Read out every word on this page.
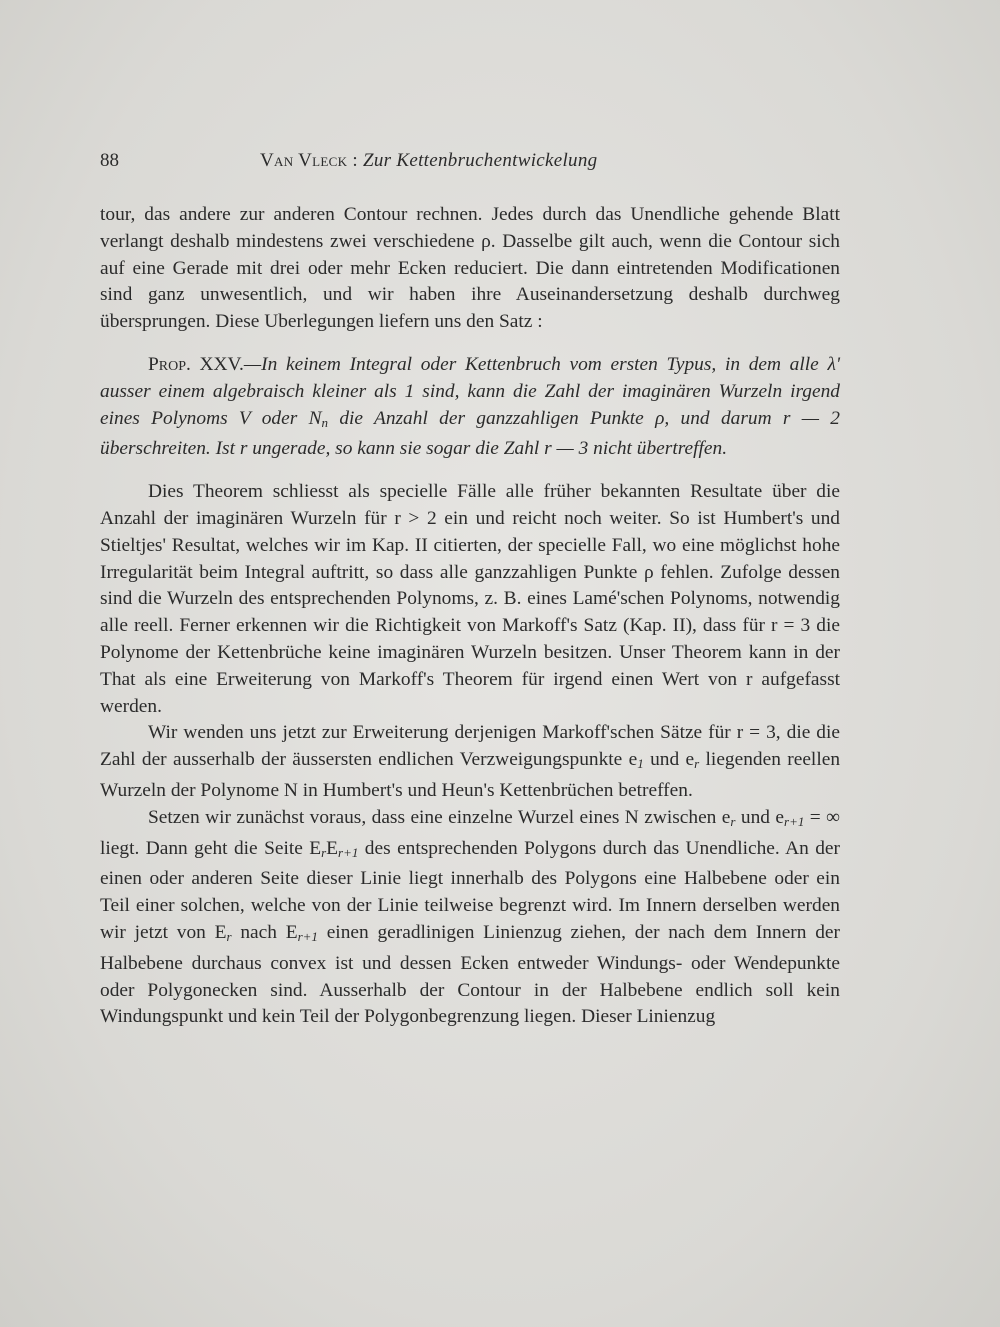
88	Van Vleck : Zur Kettenbruchentwickelung

tour, das andere zur anderen Contour rechnen. Jedes durch das Unendliche gehende Blatt verlangt deshalb mindestens zwei verschiedene ρ. Dasselbe gilt auch, wenn die Contour sich auf eine Gerade mit drei oder mehr Ecken reduciert. Die dann eintretenden Modificationen sind ganz unwesentlich, und wir haben ihre Auseinandersetzung deshalb durchweg übersprungen. Diese Uberlegungen liefern uns den Satz :

Prop. XXV.—In keinem Integral oder Kettenbruch vom ersten Typus, in dem alle λ' ausser einem algebraisch kleiner als 1 sind, kann die Zahl der imaginären Wurzeln irgend eines Polynoms V oder $N_n$ die Anzahl der ganzzahligen Punkte ρ, und darum r — 2 überschreiten. Ist r ungerade, so kann sie sogar die Zahl r — 3 nicht übertreffen.

Dies Theorem schliesst als specielle Fälle alle früher bekannten Resultate über die Anzahl der imaginären Wurzeln für r > 2 ein und reicht noch weiter. So ist Humbert's und Stieltjes' Resultat, welches wir im Kap. II citierten, der specielle Fall, wo eine möglichst hohe Irregularität beim Integral auftritt, so dass alle ganzzahligen Punkte ρ fehlen. Zufolge dessen sind die Wurzeln des entsprechenden Polynoms, z. B. eines Lamé'schen Polynoms, notwendig alle reell. Ferner erkennen wir die Richtigkeit von Markoff's Satz (Kap. II), dass für r = 3 die Polynome der Kettenbrüche keine imaginären Wurzeln besitzen. Unser Theorem kann in der That als eine Erweiterung von Markoff's Theorem für irgend einen Wert von r aufgefasst werden.

Wir wenden uns jetzt zur Erweiterung derjenigen Markoff'schen Sätze für r = 3, die die Zahl der ausserhalb der äussersten endlichen Verzweigungspunkte $e_1$ und $e_r$ liegenden reellen Wurzeln der Polynome N in Humbert's und Heun's Kettenbrüchen betreffen.

Setzen wir zunächst voraus, dass eine einzelne Wurzel eines N zwischen $e_r$ und $e_{r+1}$ = ∞ liegt. Dann geht die Seite $E_rE_{r+1}$ des entsprechenden Polygons durch das Unendliche. An der einen oder anderen Seite dieser Linie liegt innerhalb des Polygons eine Halbebene oder ein Teil einer solchen, welche von der Linie teilweise begrenzt wird. Im Innern derselben werden wir jetzt von $E_r$ nach $E_{r+1}$ einen geradlinigen Linienzug ziehen, der nach dem Innern der Halbebene durchaus convex ist und dessen Ecken entweder Windungs- oder Wendepunkte oder Polygonecken sind. Ausserhalb der Contour in der Halbebene endlich soll kein Windungspunkt und kein Teil der Polygonbegrenzung liegen. Dieser Linienzug
